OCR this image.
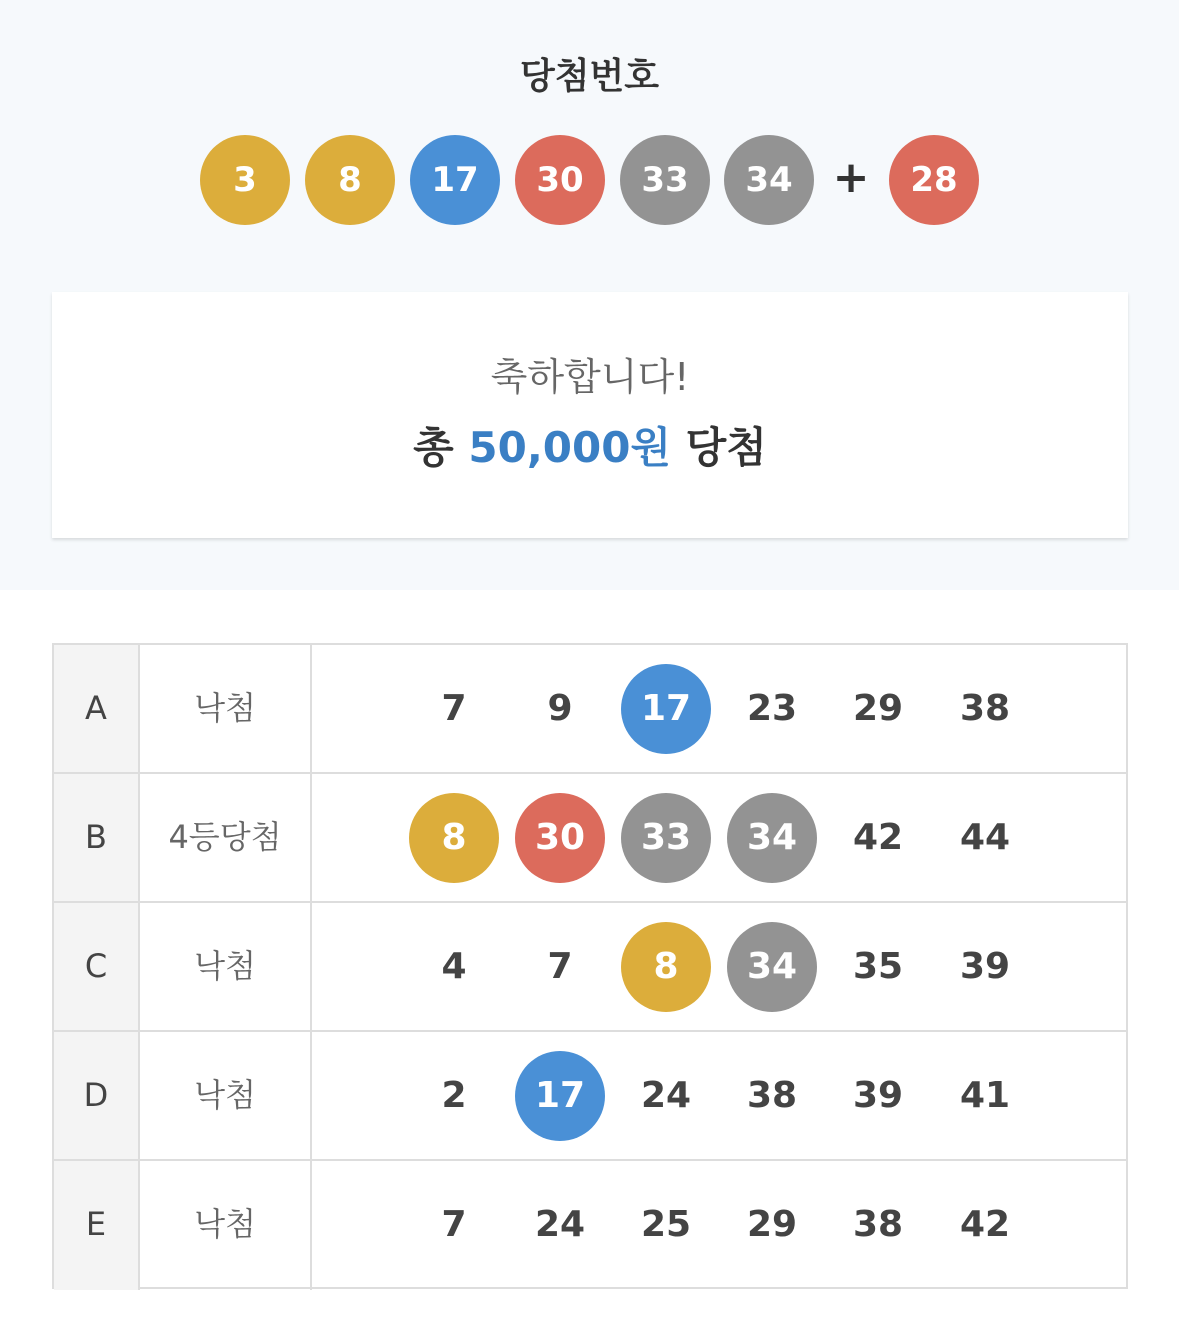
당첨번호
3	8	17	30	33	34 +	28
축하합니다!
총 50,000원 당첨
A	낙첨	7	9	17	23	29	38
B	4등당첨	8	30	33	34	42	44
C	낙첨	4	7	8	34	35	39
D	낙첨	2	17	24	38	39	41
E	낙첨	7	24	25	29	38	42
